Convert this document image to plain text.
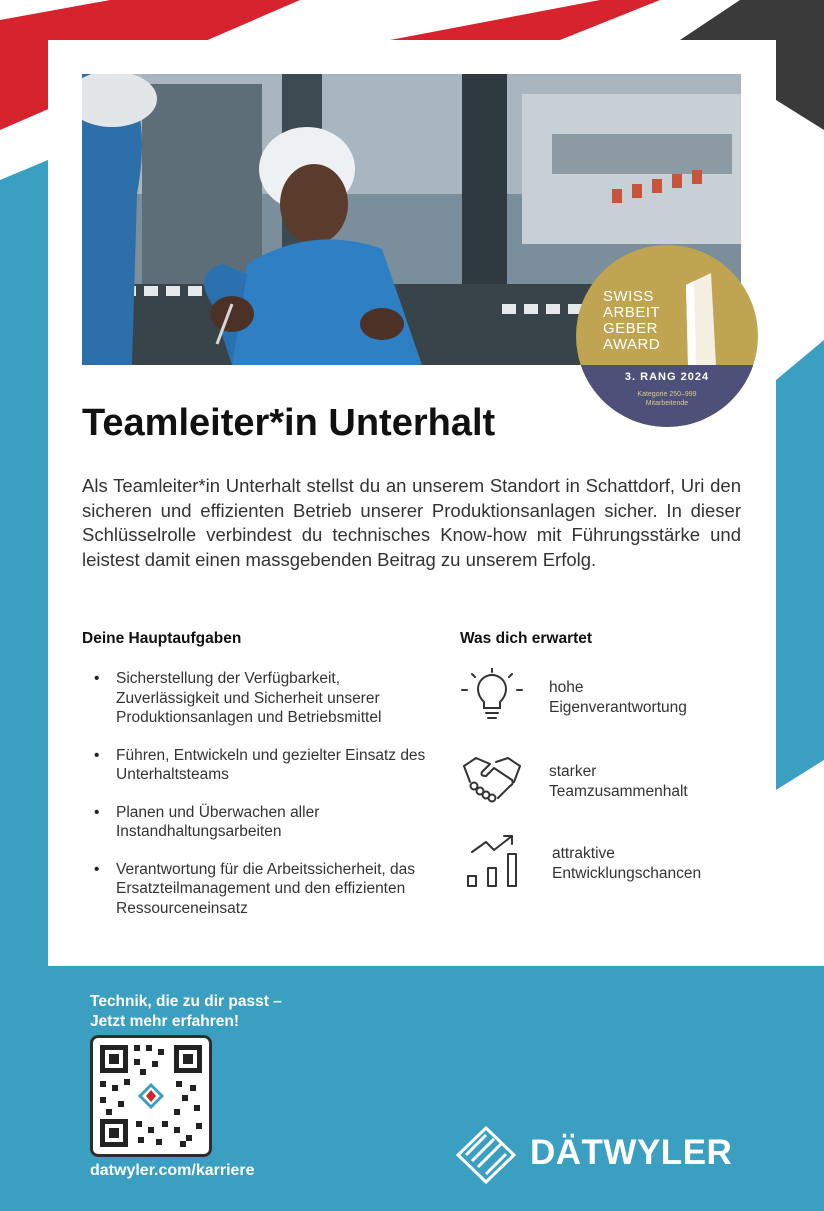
SWISS
ARBEIT
GEBER
AWARD
3. RANG 2024
Kategorie 250–999
Mitarbeitende
Teamleiter*in Unterhalt

Als Teamleiter*in Unterhalt stellst du an unserem Standort in Schattdorf, Uri den sicheren und effizienten Betrieb unserer Produktionsanlagen sicher. In dieser Schlüsselrolle verbindest du technisches Know-how mit Führungsstärke und leistest damit einen massgebenden Beitrag zu unserem Erfolg.

Deine Hauptaufgaben
• Sicherstellung der Verfügbarkeit, Zuverlässigkeit und Sicherheit unserer Produktionsanlagen und Betriebsmittel
• Führen, Entwickeln und gezielter Einsatz des Unterhaltsteams
• Planen und Überwachen aller Instandhaltungsarbeiten
• Verantwortung für die Arbeitssicherheit, das Ersatzteilmanagement und den effizienten Ressourceneinsatz
Was dich erwartet
hohe
Eigenverantwortung
starker
Teamzusammenhalt
attraktive
Entwicklungschancen
Technik, die zu dir passt –
Jetzt mehr erfahren!
datwyler.com/karriere	DÄTWYLER
